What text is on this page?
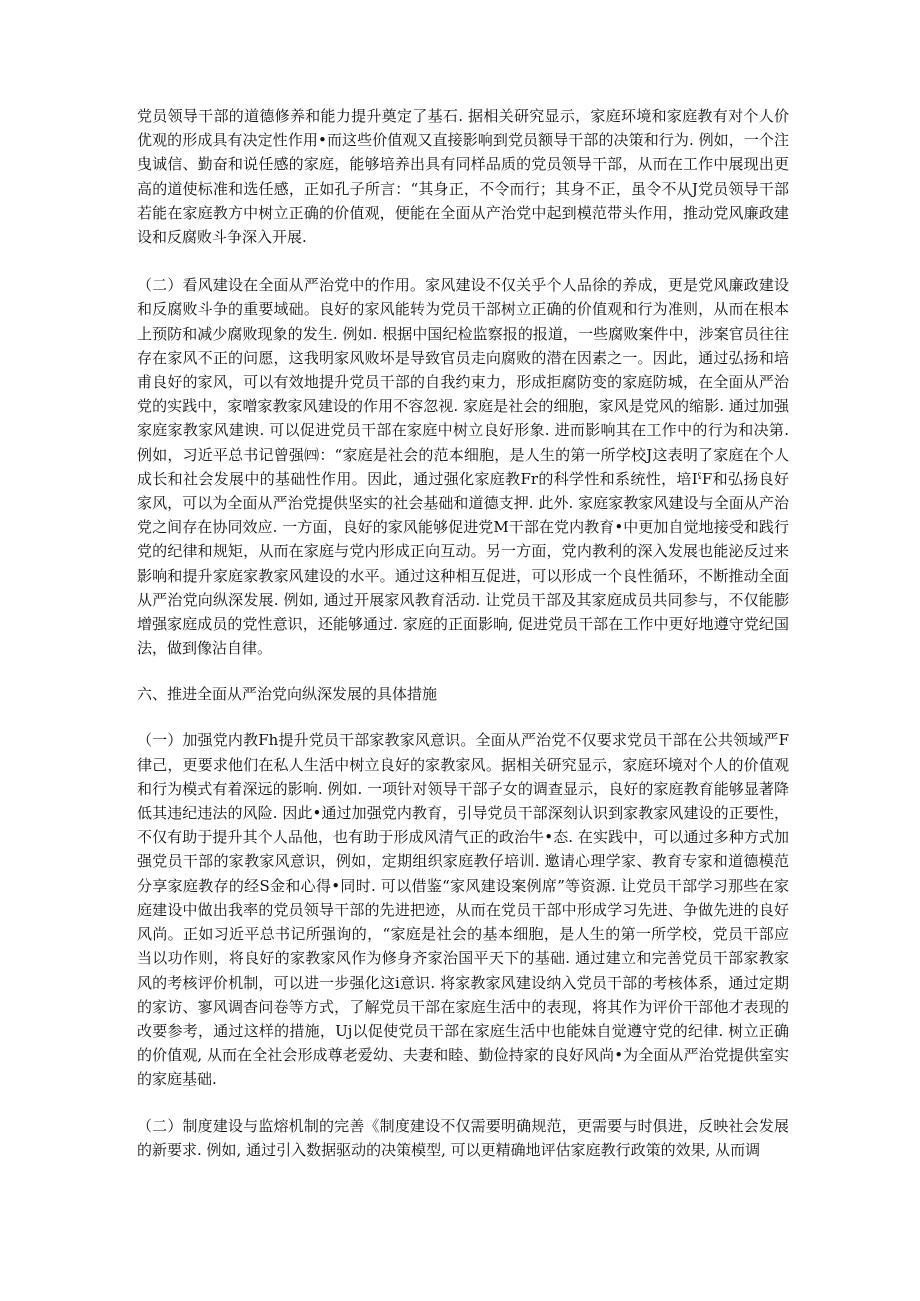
党员领导干部的道德修养和能力提升奠定了基石. 据相关研究显示，家庭环境和家庭教有对个人价优观的形成具有决定性作用•而这些价值观又直接影响到党员额导干部的决策和行为. 例如，一个注曳诚信、勤奋和说任感的家庭，能够培养出具有同样品质的党员领导干部，从而在工作中展现出更高的道使标准和选任感，正如孔子所言：“其身正，不令而行；其身不正，虽令不从J党员领导干部若能在家庭教方中树立正确的价值观，便能在全面从产治党中起到模范带头作用，推动党风廉政建设和反腐败斗争深入开展.

（二）看风建设在全面从严治党中的作用。家风建设不仅关乎个人品徐的养成，更是党风廉政建设和反腐败斗争的重要域础。良好的家风能转为党员干部树立正确的价值观和行为准则，从而在根本上预防和减少腐败现象的发生. 例如. 根据中国纪检监察报的报道，一些腐败案件中，涉案官员往往存在家风不正的问愿，这我明家风败坏是导致官员走向腐败的潜在因素之一。因此，通过弘扬和培甫良好的家风，可以有效地提升党员干部的自我约束力，形成拒腐防变的家庭防城，在全面从严治党的实践中，家噌家教家风建设的作用不容忽视. 家庭是社会的细胞，家风是党风的缩影. 通过加强家庭家教家风建谀. 可以促进党员干部在家庭中树立良好形象. 进而影响其在工作中的行为和决第. 例如，习近平总书记曾强㈣：“家庭是社会的范本细胞，是人生的第一所学校J这表明了家庭在个人成长和社会发展中的基础性作用。因此，通过强化家庭教Fr的科学性和系统性，培IˤF和弘扬良好家风，可以为全面从严治党提供坚实的社会基础和道德支押. 此外. 家庭家教家风建设与全面从产治党之间存在协同效应. 一方面，良好的家风能够促进党M干部在党内教育•中更加自觉地接受和践行党的纪律和规矩，从而在家庭与党内形成正向互动。另一方面，党内教利的深入发展也能泌反过来影响和提升家庭家教家风建设的水平。通过这种相互促进，可以形成一个良性循环，不断推动全面从严治党向纵深发展. 例如, 通过开展家风教育活动. 让党员干部及其家庭成员共同参与，不仅能膨增强家庭成员的党性意识，还能够通过. 家庭的正面影晌, 促进党员干部在工作中更好地遵守党纪国法，做到像沾自律。

六、推进全面从严治党向纵深发展的具体措施

（一）加强党内教Fh提升党员干部家教家风意识。全面从严治党不仅要求党员干部在公共领域严F律己，更要求他们在私人生活中树立良好的家教家风。据相关研究显示，家庭环境对个人的价值观和行为模式有着深远的影响. 例如. 一项针对领导干部子女的调查显示，良好的家庭教育能够显著降低其违纪违法的风险. 因此•通过加强党内教育，引导党员干部深刻认识到家教家风建设的正要性，不仅有助于提升其个人品他，也有助于形成风清气正的政治牛•态. 在实践中，可以通过多种方式加强党员干部的家教家风意识，例如，定期组织家庭教仔培训. 邀请心理学家、教育专家和道德模范分享家庭教存的经S金和心得•同时. 可以借鉴“家风建设案例席”等资源. 让党员干部学习那些在家庭建设中做出我率的党员领导干部的先进把迹，从而在党员干部中形成学习先进、争做先进的良好风尚。正如习近平总书记所强询的，“家庭是社会的基本细胞，是人生的第一所学校，党员干部应当以功作则，将良好的家教家风作为修身齐家治国平天下的基础. 通过建立和完善党员干部家教家风的考核评价机制，可以进一步强化这i意识. 将家教家风建设纳入党员干部的考核体系，通过定期的家访、寥风调杳问卷等方式，了解党员干部在家庭生活中的表现，将其作为评价干部他才表现的改要参考，通过这样的措施，Uj以促使党员干部在家庭生活中也能妹自觉遵守党的纪律. 树立正确的价值观, 从而在全社会形成尊老爱幼、夫妻和睦、勤俭持家的良好风尚•为全面从严治党提供室实的家庭基础.

（二）制度建设与监熔机制的完善《制度建设不仅需要明确规范，更需要与时俱进，反映社会发展的新要求. 例如, 通过引入数据驱动的决策模型, 可以更精确地评估家庭教行政策的效果, 从而调
